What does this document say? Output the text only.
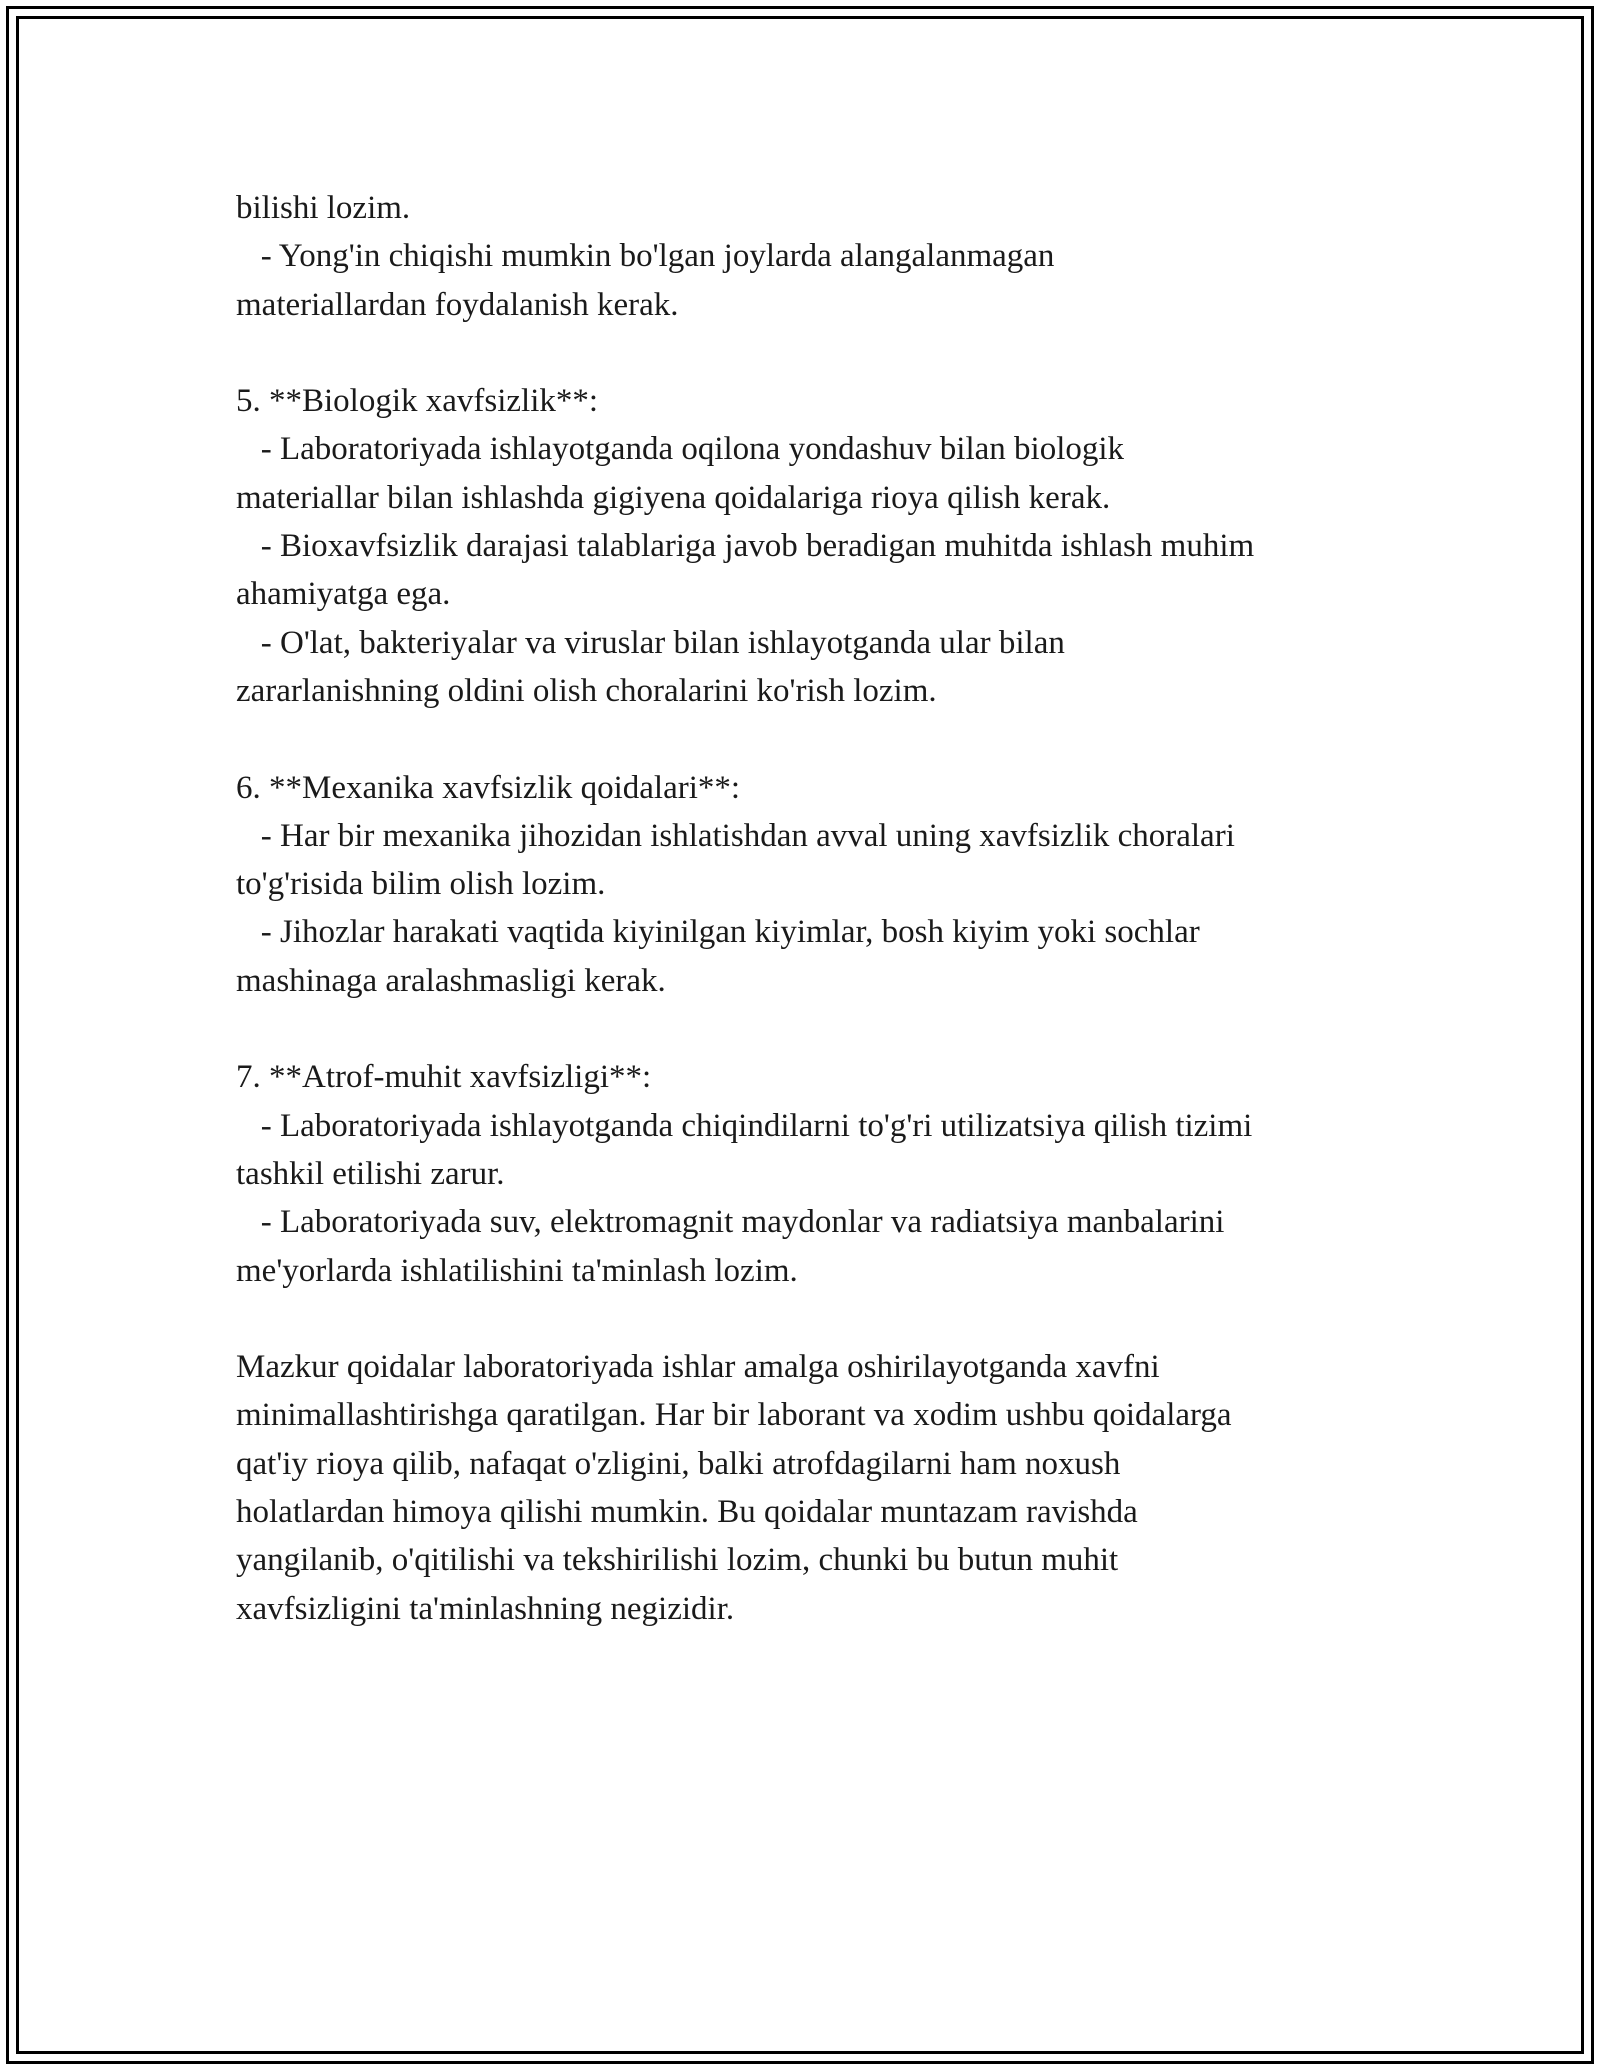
bilishi lozim.
- Yong'in chiqishi mumkin bo'lgan joylarda alangalanmagan
materiallardan foydalanish kerak.
5. **Biologik xavfsizlik**:
- Laboratoriyada ishlayotganda oqilona yondashuv bilan biologik
materiallar bilan ishlashda gigiyena qoidalariga rioya qilish kerak.
- Bioxavfsizlik darajasi talablariga javob beradigan muhitda ishlash muhim
ahamiyatga ega.
- O'lat, bakteriyalar va viruslar bilan ishlayotganda ular bilan
zararlanishning oldini olish choralarini ko'rish lozim.
6. **Mexanika xavfsizlik qoidalari**:
- Har bir mexanika jihozidan ishlatishdan avval uning xavfsizlik choralari
to'g'risida bilim olish lozim.
- Jihozlar harakati vaqtida kiyinilgan kiyimlar, bosh kiyim yoki sochlar
mashinaga aralashmasligi kerak.
7. **Atrof-muhit xavfsizligi**:
- Laboratoriyada ishlayotganda chiqindilarni to'g'ri utilizatsiya qilish tizimi
tashkil etilishi zarur.
- Laboratoriyada suv, elektromagnit maydonlar va radiatsiya manbalarini
me'yorlarda ishlatilishini ta'minlash lozim.
Mazkur qoidalar laboratoriyada ishlar amalga oshirilayotganda xavfni
minimallashtirishga qaratilgan. Har bir laborant va xodim ushbu qoidalarga
qat'iy rioya qilib, nafaqat o'zligini, balki atrofdagilarni ham noxush
holatlardan himoya qilishi mumkin. Bu qoidalar muntazam ravishda
yangilanib, o'qitilishi va tekshirilishi lozim, chunki bu butun muhit
xavfsizligini ta'minlashning negizidir.
